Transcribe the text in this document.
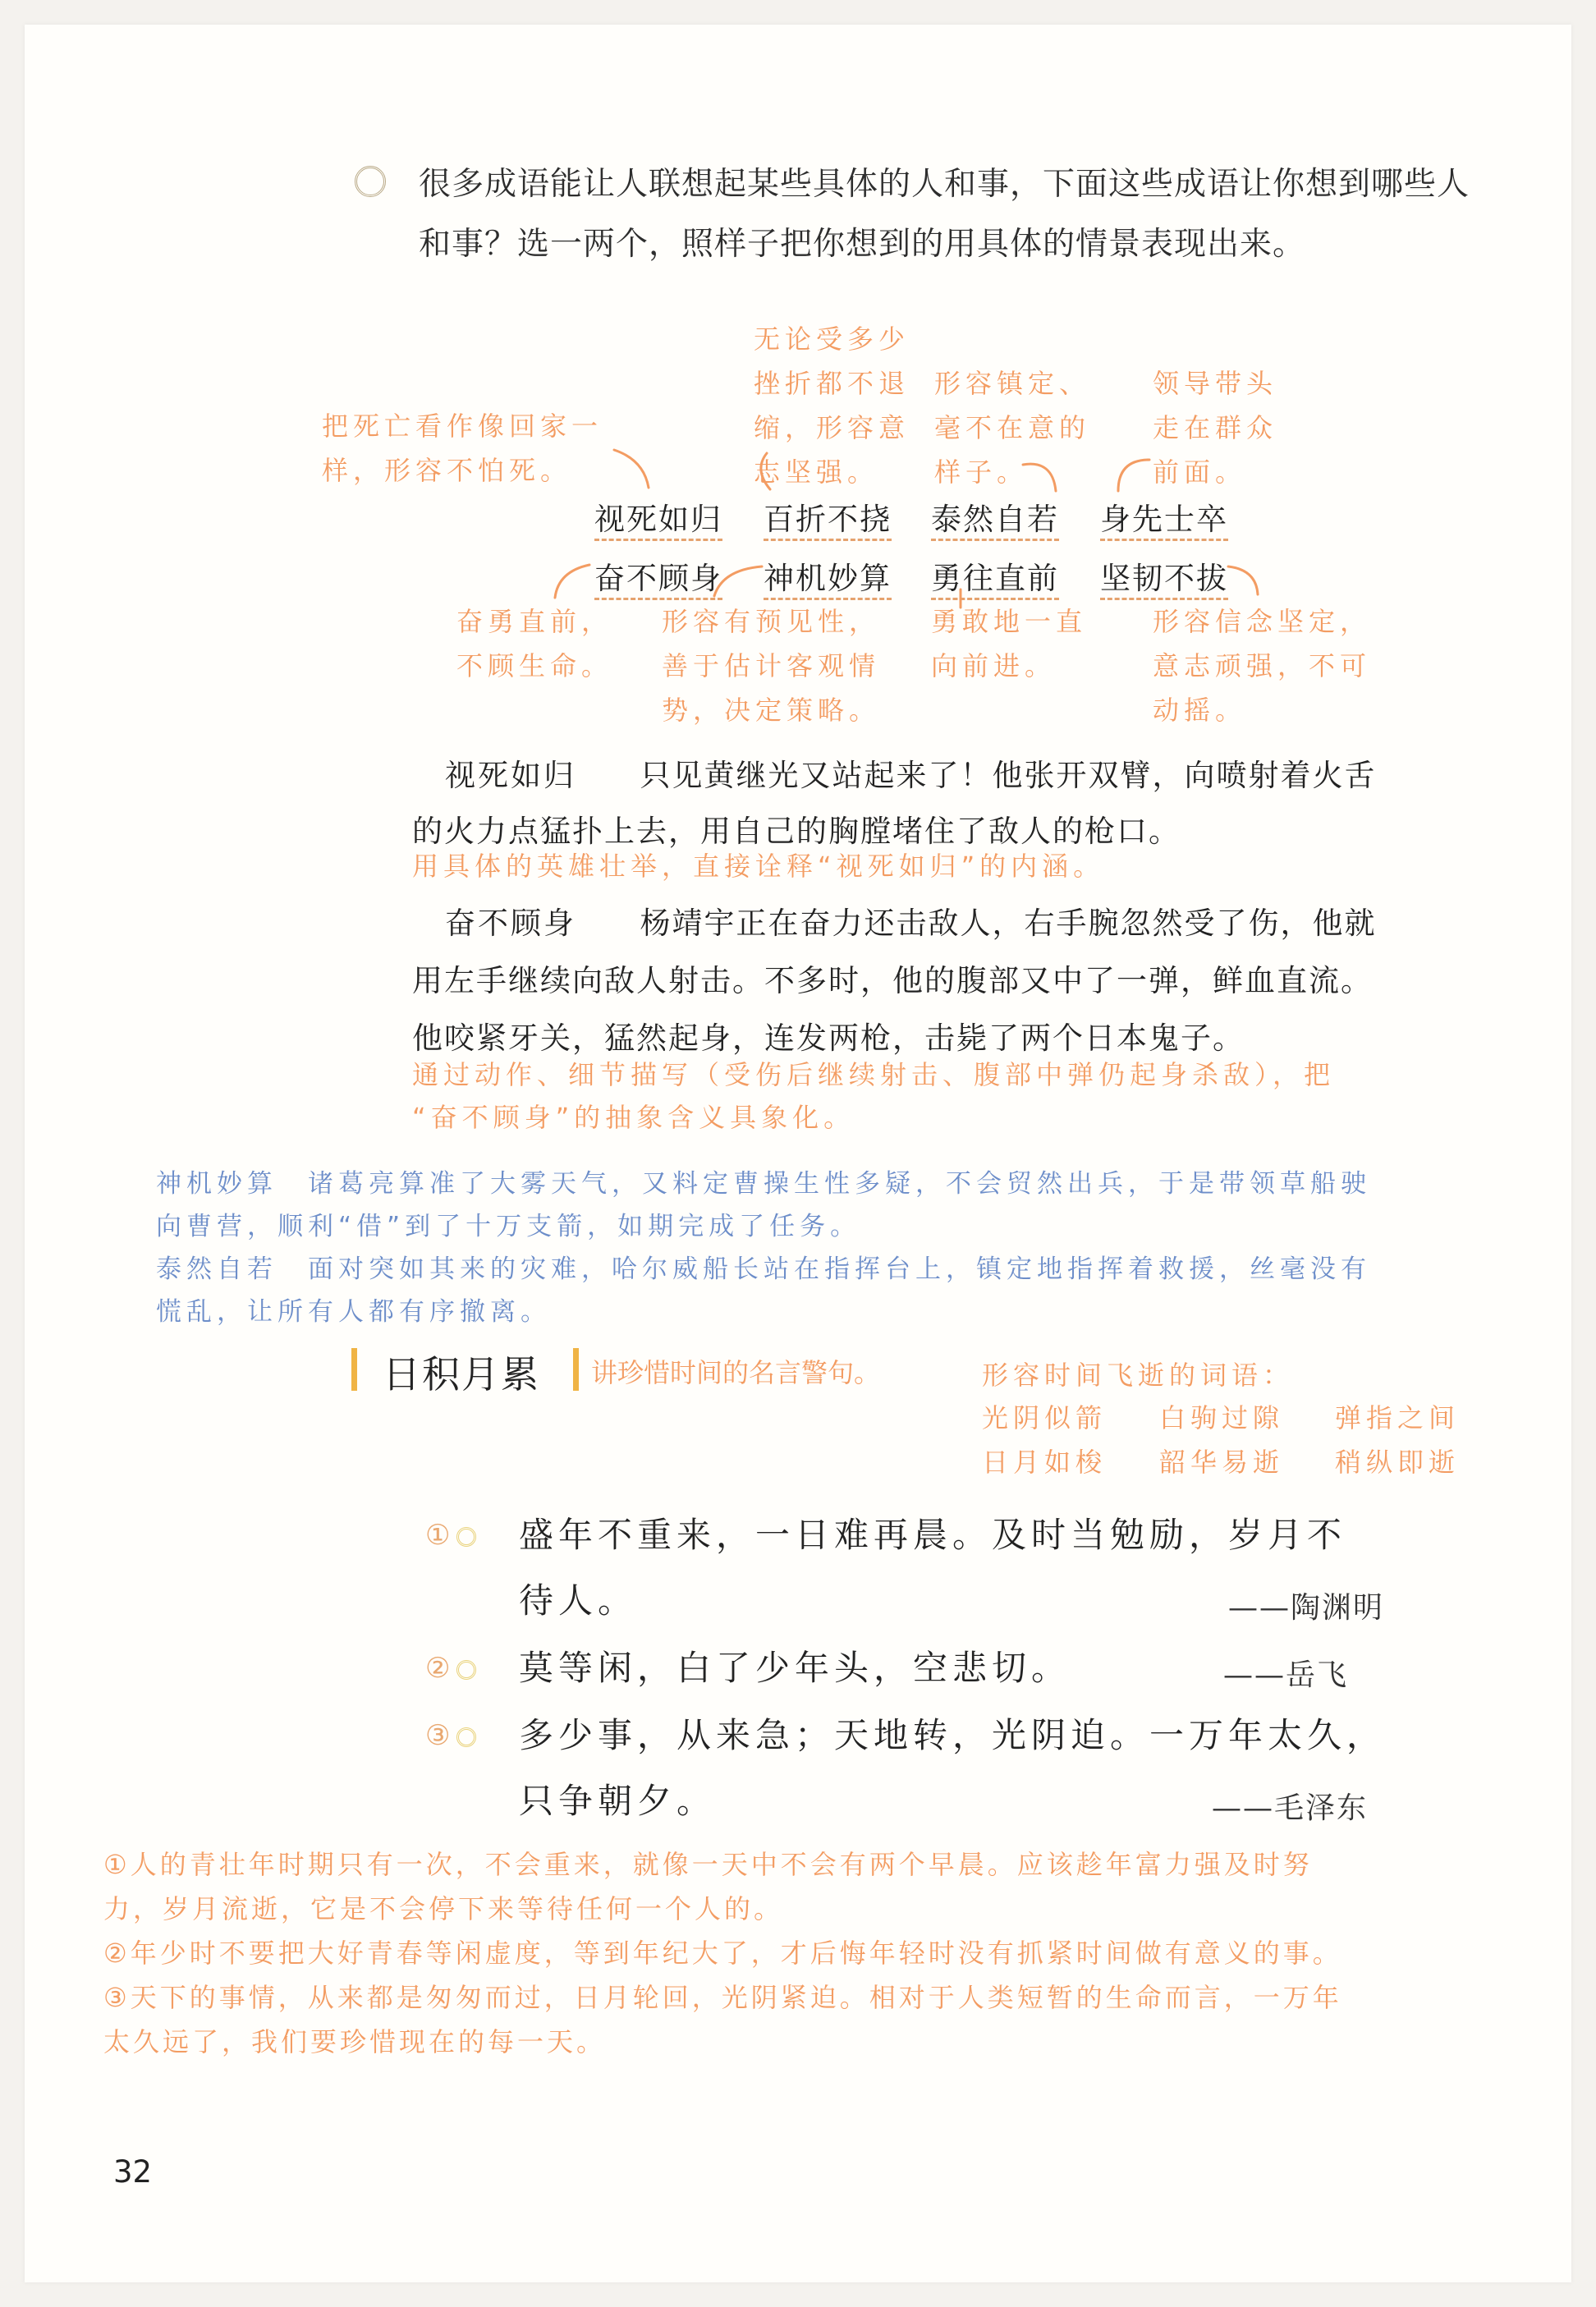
很多成语能让人联想起某些具体的人和事，下面这些成语让你想到哪些人
和事？选一两个，照样子把你想到的用具体的情景表现出来。
把死亡看作像回家一
样，形容不怕死。
无论受多少
挫折都不退
缩，形容意
志坚强。
形容镇定、
毫不在意的
样子。
领导带头
走在群众
前面。
视死如归 百折不挠 泰然自若 身先士卒
奋不顾身 神机妙算 勇往直前 坚韧不拔
奋勇直前，
不顾生命。
形容有预见性，
善于估计客观情
势，决定策略。
勇敢地一直
向前进。
形容信念坚定，
意志顽强，不可
动摇。
视死如归 只见黄继光又站起来了！他张开双臂，向喷射着火舌
的火力点猛扑上去，用自己的胸膛堵住了敌人的枪口。
用具体的英雄壮举，直接诠释“视死如归”的内涵。
奋不顾身 杨靖宇正在奋力还击敌人，右手腕忽然受了伤，他就
用左手继续向敌人射击。不多时，他的腹部又中了一弹，鲜血直流。
他咬紧牙关，猛然起身，连发两枪，击毙了两个日本鬼子。
通过动作、细节描写（受伤后继续射击、腹部中弹仍起身杀敌），把
“奋不顾身”的抽象含义具象化。
神机妙算　诸葛亮算准了大雾天气，又料定曹操生性多疑，不会贸然出兵，于是带领草船驶
向曹营，顺利“借”到了十万支箭，如期完成了任务。
泰然自若　面对突如其来的灾难，哈尔威船长站在指挥台上，镇定地指挥着救援，丝毫没有
慌乱，让所有人都有序撤离。
日积月累 讲珍惜时间的名言警句。	形容时间飞逝的词语：
光阴似箭 白驹过隙 弹指之间
日月如梭 韶华易逝 稍纵即逝
①	盛年不重来，一日难再晨。及时当勉励，岁月不
待人。	——陶渊明
②	莫等闲，白了少年头，空悲切。	——岳飞
③	多少事，从来急；天地转，光阴迫。一万年太久，
只争朝夕。	——毛泽东
①人的青壮年时期只有一次，不会重来，就像一天中不会有两个早晨。应该趁年富力强及时努
力，岁月流逝，它是不会停下来等待任何一个人的。
②年少时不要把大好青春等闲虚度，等到年纪大了，才后悔年轻时没有抓紧时间做有意义的事。
③天下的事情，从来都是匆匆而过，日月轮回，光阴紧迫。相对于人类短暂的生命而言，一万年
太久远了，我们要珍惜现在的每一天。
32
